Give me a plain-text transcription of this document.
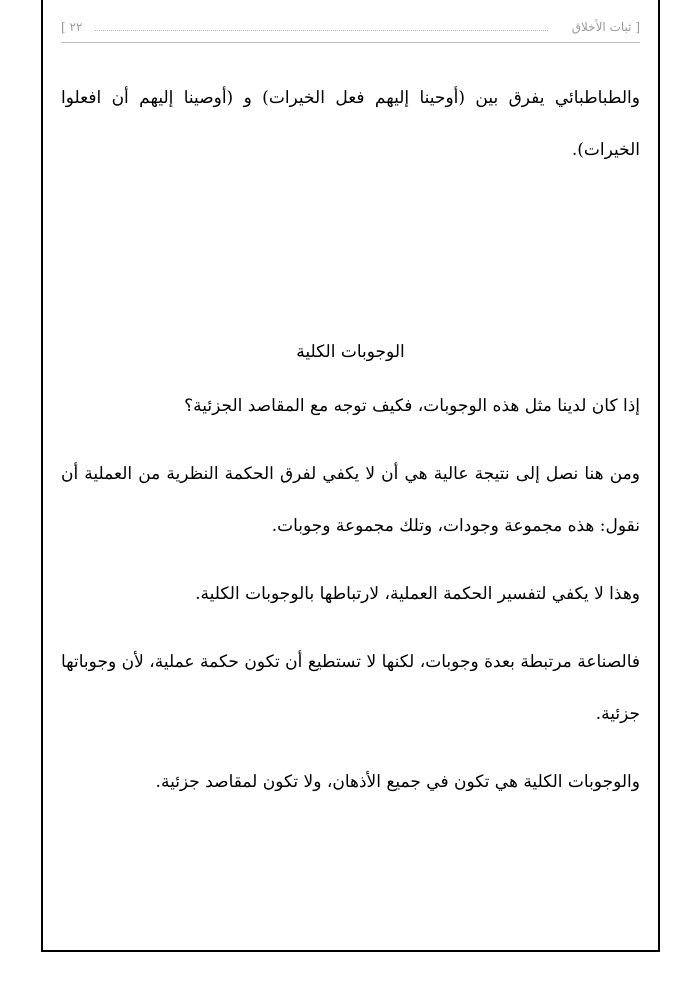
[ ثبات الأخلاق
٢٢ ]

والطباطبائي يفرق بين (أوحينا إليهم فعل الخيرات) و (أوصينا إليهم أن افعلوا الخيرات).

الوجوبات الكلية

إذا كان لدينا مثل هذه الوجوبات، فكيف توجه مع المقاصد الجزئية؟

ومن هنا نصل إلى نتيجة عالية هي أن لا يكفي لفرق الحكمة النظرية من العملية أن نقول: هذه مجموعة وجودات، وتلك مجموعة وجوبات.

وهذا لا يكفي لتفسير الحكمة العملية، لارتباطها بالوجوبات الكلية.

فالصناعة مرتبطة بعدة وجوبات، لكنها لا تستطيع أن تكون حكمة عملية، لأن وجوباتها جزئية.

والوجوبات الكلية هي تكون في جميع الأذهان، ولا تكون لمقاصد جزئية.
